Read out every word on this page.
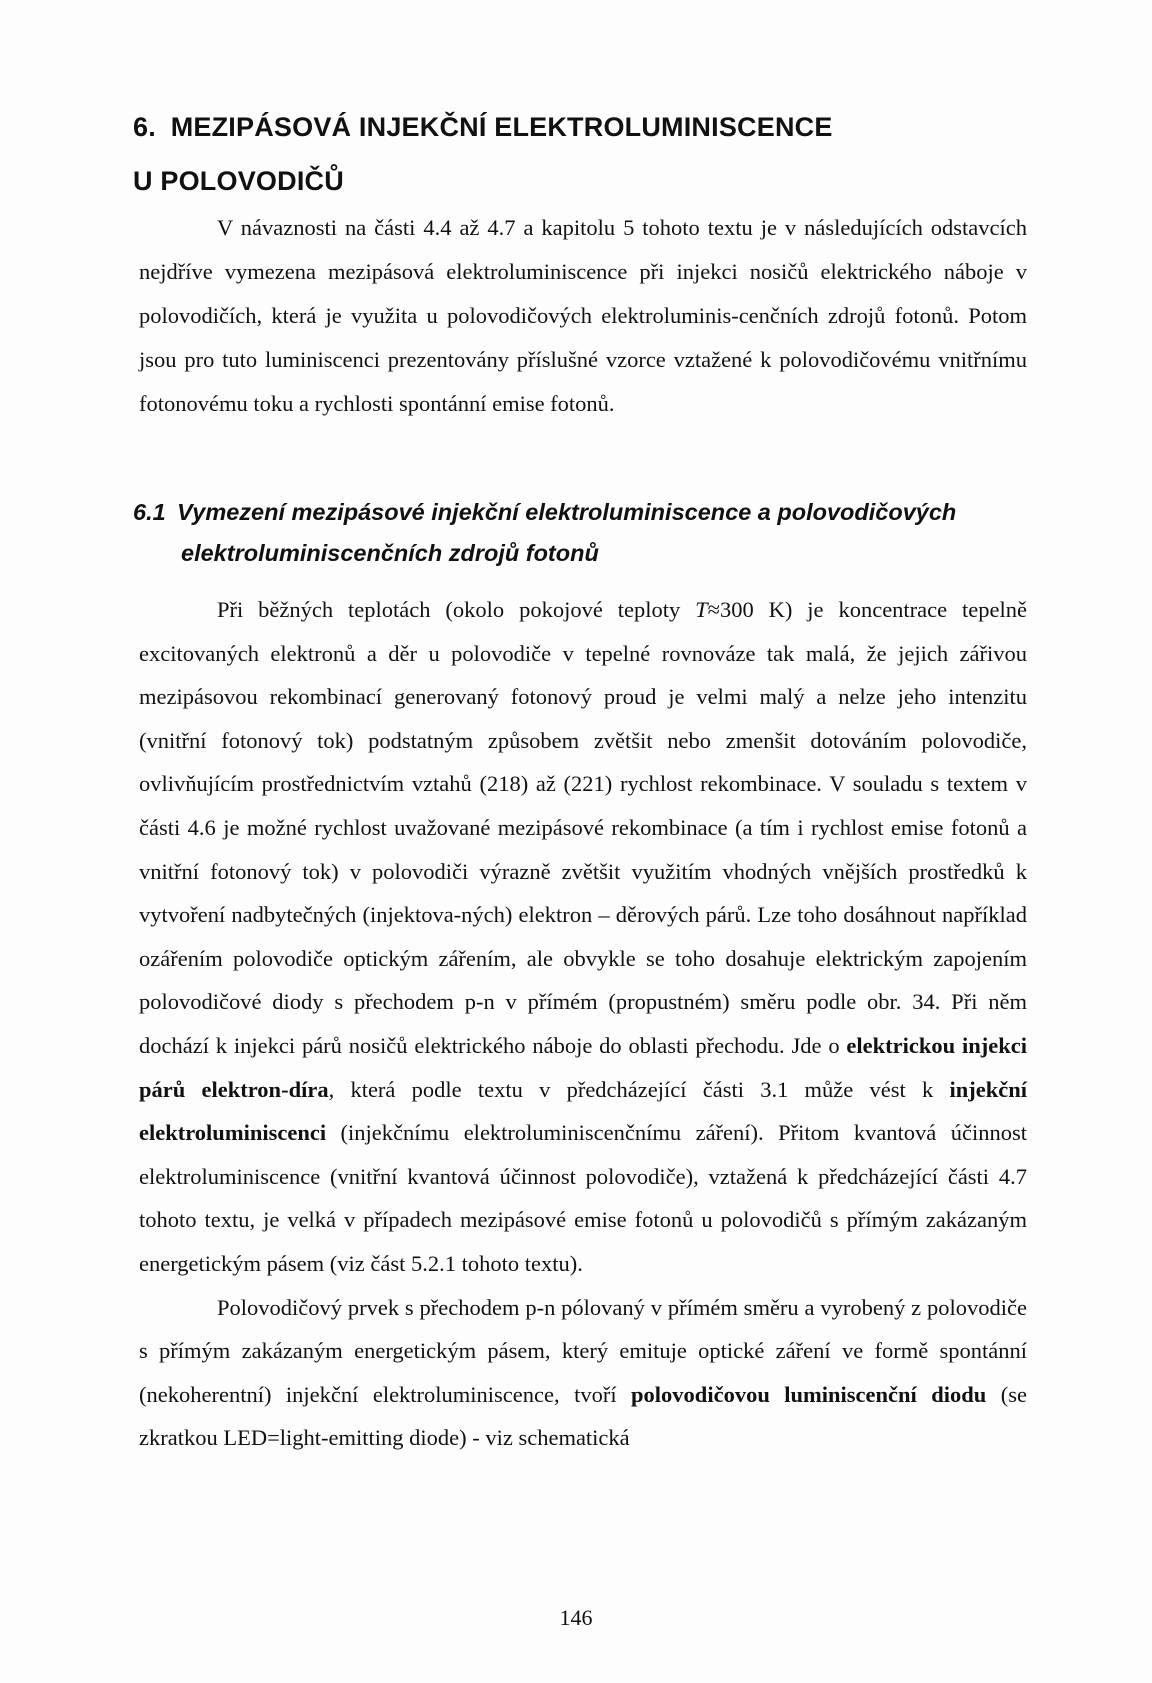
6. MEZIPÁSOVÁ INJEKČNÍ ELEKTROLUMINISCENCE
U POLOVODIČŮ

V návaznosti na části 4.4 až 4.7 a kapitolu 5 tohoto textu je v následujících odstavcích nejdříve vymezena mezipásová elektroluminiscence při injekci nosičů elektrického náboje v polovodičích, která je využita u polovodičových elektroluminis-cenčních zdrojů fotonů. Potom jsou pro tuto luminiscenci prezentovány příslušné vzorce vztažené k polovodičovému vnitřnímu fotonovému toku a rychlosti spontánní emise fotonů.

6.1 Vymezení mezipásové injekční elektroluminiscence a polovodičových
elektroluminiscenčních zdrojů fotonů

Při běžných teplotách (okolo pokojové teploty T≈300 K) je koncentrace tepelně excitovaných elektronů a děr u polovodiče v tepelné rovnováze tak malá, že jejich zářivou mezipásovou rekombinací generovaný fotonový proud je velmi malý a nelze jeho intenzitu (vnitřní fotonový tok) podstatným způsobem zvětšit nebo zmenšit dotováním polovodiče, ovlivňujícím prostřednictvím vztahů (218) až (221) rychlost rekombinace. V souladu s textem v části 4.6 je možné rychlost uvažované mezipásové rekombinace (a tím i rychlost emise fotonů a vnitřní fotonový tok) v polovodiči výrazně zvětšit využitím vhodných vnějších prostředků k vytvoření nadbytečných (injektova-ných) elektron – děrových párů. Lze toho dosáhnout například ozářením polovodiče optickým zářením, ale obvykle se toho dosahuje elektrickým zapojením polovodičové diody s přechodem p-n v přímém (propustném) směru podle obr. 34. Při něm dochází k injekci párů nosičů elektrického náboje do oblasti přechodu. Jde o elektrickou injekci párů elektron-díra, která podle textu v předcházející části 3.1 může vést k injekční elektroluminiscenci (injekčnímu elektroluminiscenčnímu záření). Přitom kvantová účinnost elektroluminiscence (vnitřní kvantová účinnost polovodiče), vztažená k předcházející části 4.7 tohoto textu, je velká v případech mezipásové emise fotonů u polovodičů s přímým zakázaným energetickým pásem (viz část 5.2.1 tohoto textu).

Polovodičový prvek s přechodem p-n pólovaný v přímém směru a vyrobený z polovodiče s přímým zakázaným energetickým pásem, který emituje optické záření ve formě spontánní (nekoherentní) injekční elektroluminiscence, tvoří polovodičovou luminiscenční diodu (se zkratkou LED=light-emitting diode) - viz schematická

146
